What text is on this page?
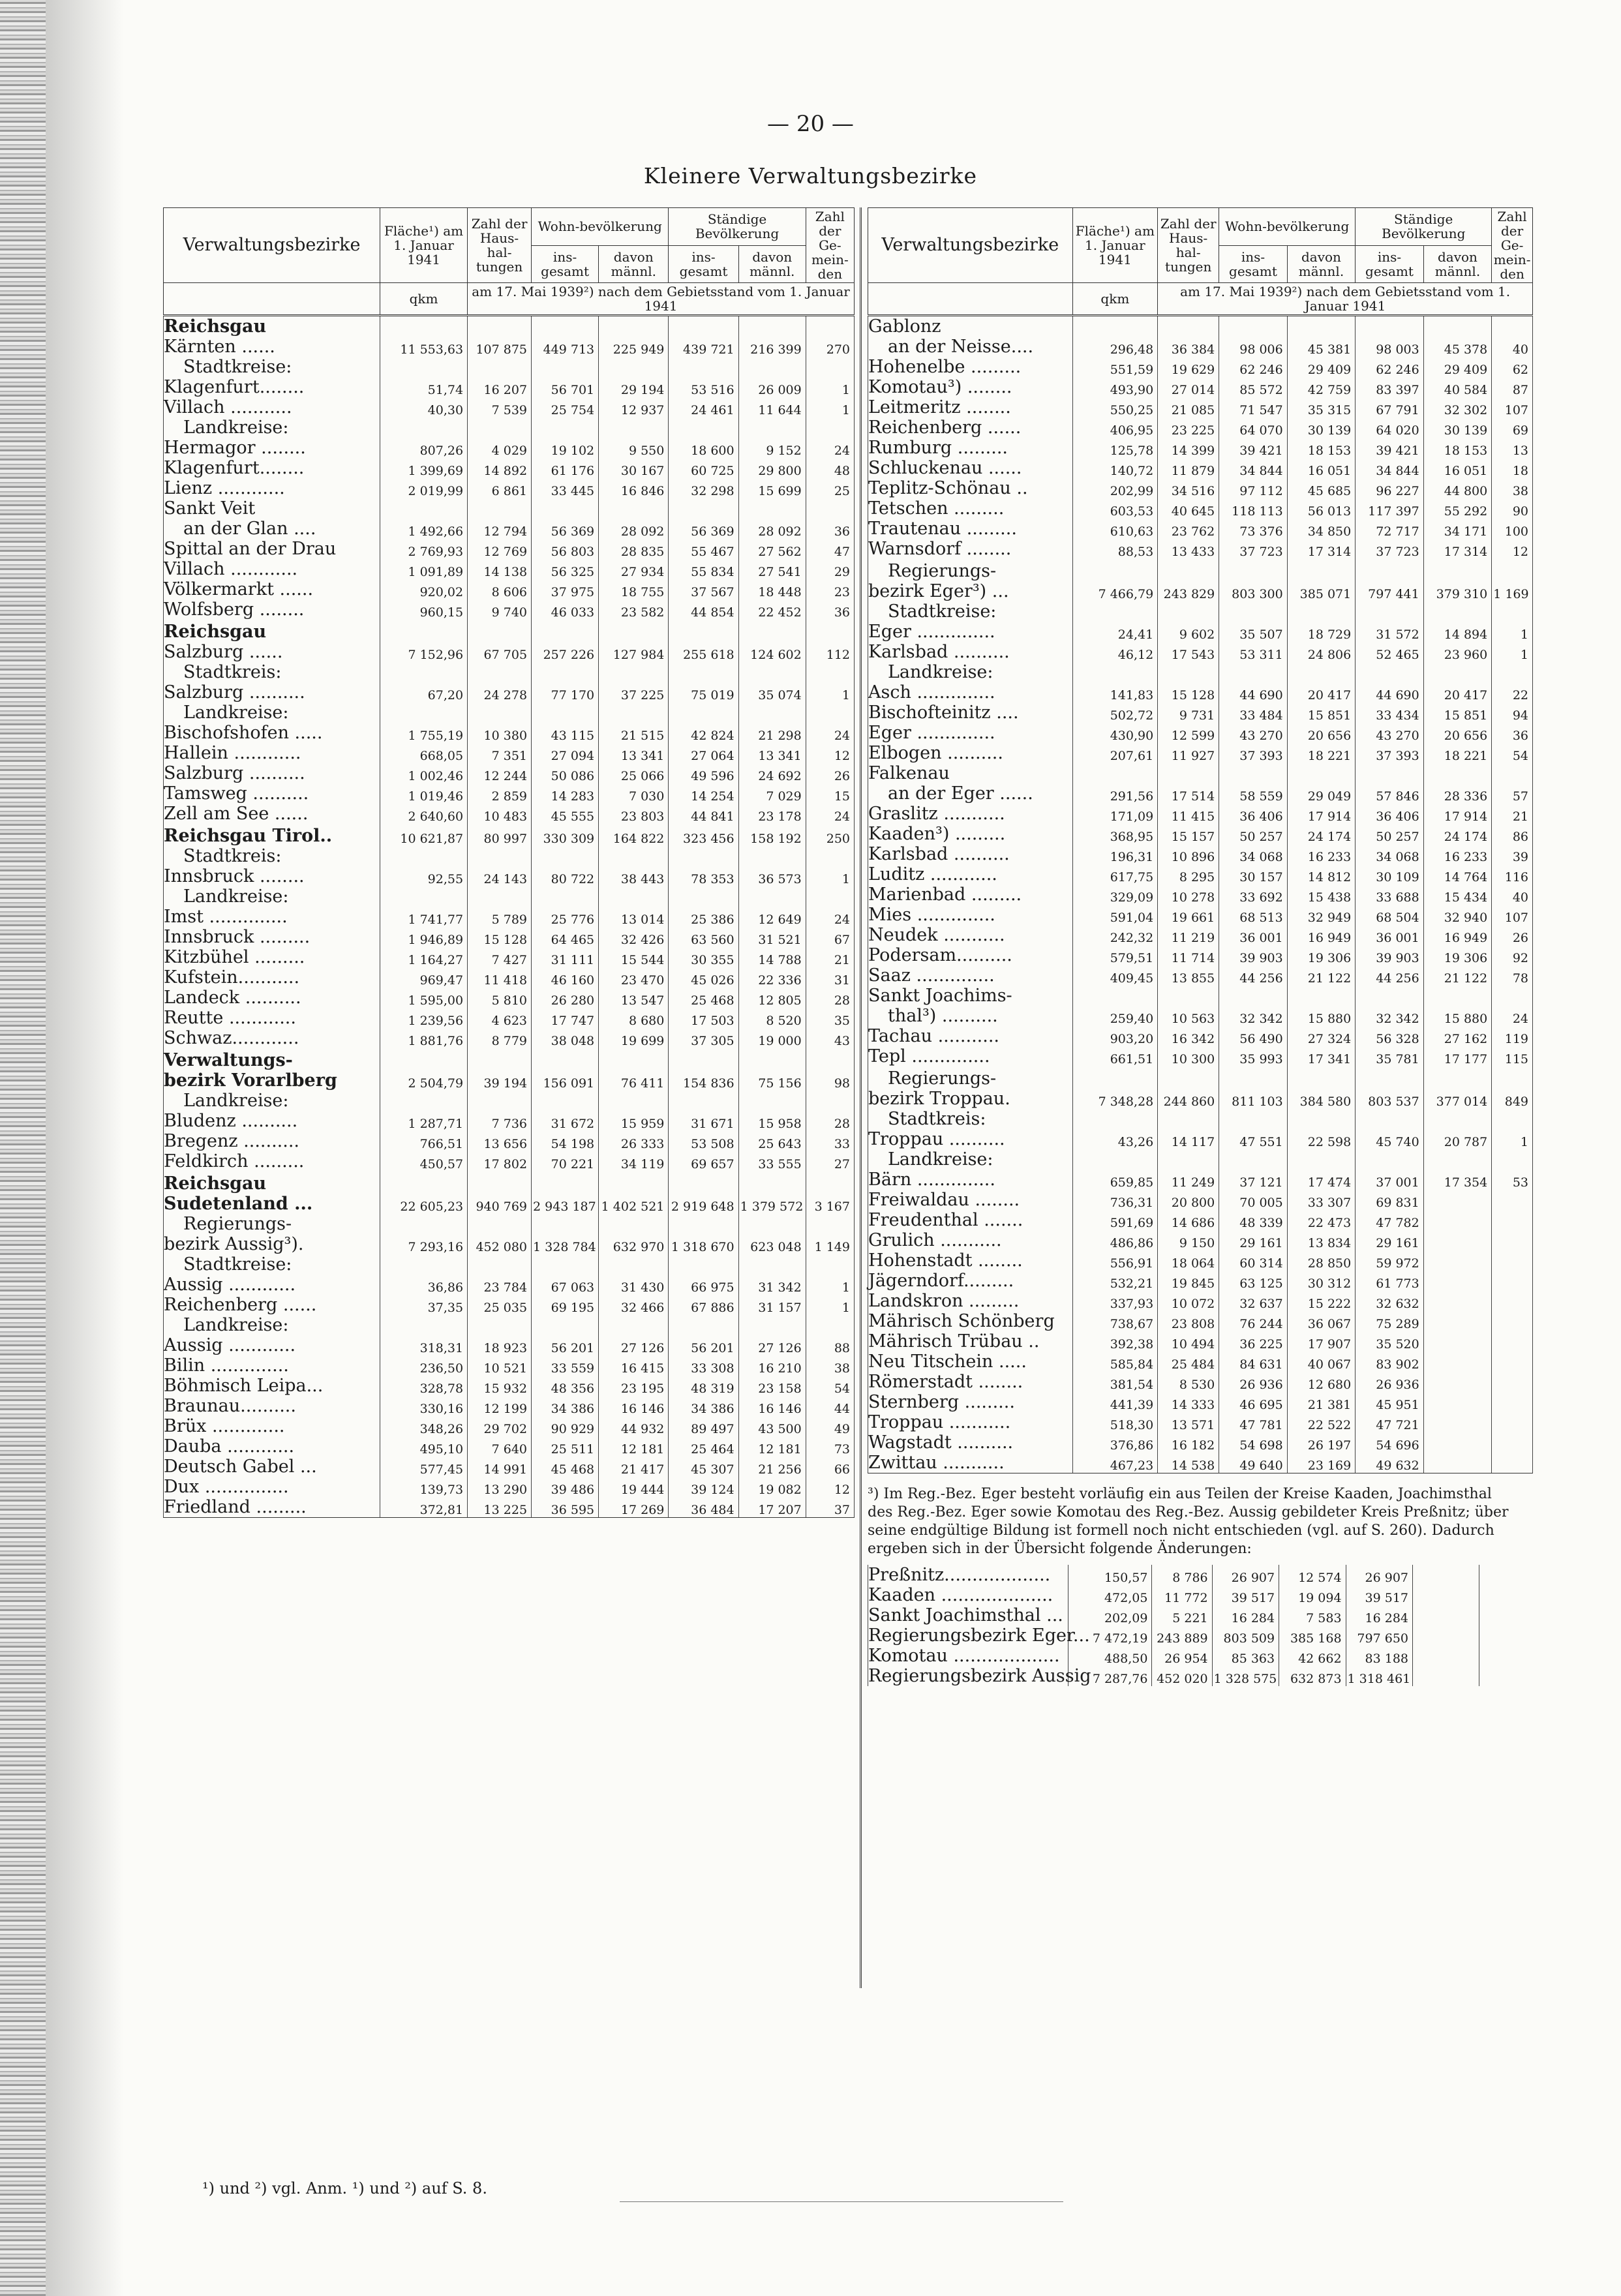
— 20 —
Kleinere Verwaltungsbezirke
Verwaltungsbezirke	Fläche¹) am 1. Januar 1941	Zahl der Haus-hal-tungen	Wohn-bevölkerung		Ständige Bevölkerung		Zahl der Ge-mein-den
			ins-gesamt	davon männl.	ins-gesamt	davon männl.	
	qkm	am 17. Mai 1939²) nach dem Gebietsstand vom 1. Januar 1941					
Reichsgau							
Kärnten ......	11 553,63	107 875	449 713	225 949	439 721	216 399	270
Stadtkreise:							
Klagenfurt........	51,74	16 207	56 701	29 194	53 516	26 009	1
Villach ...........	40,30	7 539	25 754	12 937	24 461	11 644	1
Landkreise:							
Hermagor ........	807,26	4 029	19 102	9 550	18 600	9 152	24
Klagenfurt........	1 399,69	14 892	61 176	30 167	60 725	29 800	48
Lienz ............	2 019,99	6 861	33 445	16 846	32 298	15 699	25
Sankt Veit							
an der Glan ....	1 492,66	12 794	56 369	28 092	56 369	28 092	36
Spittal an der Drau	2 769,93	12 769	56 803	28 835	55 467	27 562	47
Villach ............	1 091,89	14 138	56 325	27 934	55 834	27 541	29
Völkermarkt ......	920,02	8 606	37 975	18 755	37 567	18 448	23
Wolfsberg ........	960,15	9 740	46 033	23 582	44 854	22 452	36
Reichsgau							
Salzburg ......	7 152,96	67 705	257 226	127 984	255 618	124 602	112
Stadtkreis:							
Salzburg ..........	67,20	24 278	77 170	37 225	75 019	35 074	1
Landkreise:							
Bischofshofen .....	1 755,19	10 380	43 115	21 515	42 824	21 298	24
Hallein ............	668,05	7 351	27 094	13 341	27 064	13 341	12
Salzburg ..........	1 002,46	12 244	50 086	25 066	49 596	24 692	26
Tamsweg ..........	1 019,46	2 859	14 283	7 030	14 254	7 029	15
Zell am See ......	2 640,60	10 483	45 555	23 803	44 841	23 178	24
Reichsgau Tirol..	10 621,87	80 997	330 309	164 822	323 456	158 192	250
Stadtkreis:							
Innsbruck ........	92,55	24 143	80 722	38 443	78 353	36 573	1
Landkreise:							
Imst ..............	1 741,77	5 789	25 776	13 014	25 386	12 649	24
Innsbruck .........	1 946,89	15 128	64 465	32 426	63 560	31 521	67
Kitzbühel .........	1 164,27	7 427	31 111	15 544	30 355	14 788	21
Kufstein...........	969,47	11 418	46 160	23 470	45 026	22 336	31
Landeck ..........	1 595,00	5 810	26 280	13 547	25 468	12 805	28
Reutte ............	1 239,56	4 623	17 747	8 680	17 503	8 520	35
Schwaz............	1 881,76	8 779	38 048	19 699	37 305	19 000	43
Verwaltungs-							
bezirk Vorarlberg	2 504,79	39 194	156 091	76 411	154 836	75 156	98
Landkreise:							
Bludenz ..........	1 287,71	7 736	31 672	15 959	31 671	15 958	28
Bregenz ..........	766,51	13 656	54 198	26 333	53 508	25 643	33
Feldkirch .........	450,57	17 802	70 221	34 119	69 657	33 555	27
Reichsgau							
Sudetenland ...	22 605,23	940 769	2 943 187	1 402 521	2 919 648	1 379 572	3 167
Regierungs-							
bezirk Aussig³).	7 293,16	452 080	1 328 784	632 970	1 318 670	623 048	1 149
Stadtkreise:							
Aussig ............	36,86	23 784	67 063	31 430	66 975	31 342	1
Reichenberg ......	37,35	25 035	69 195	32 466	67 886	31 157	1
Landkreise:							
Aussig ............	318,31	18 923	56 201	27 126	56 201	27 126	88
Bilin ..............	236,50	10 521	33 559	16 415	33 308	16 210	38
Böhmisch Leipa...	328,78	15 932	48 356	23 195	48 319	23 158	54
Braunau..........	330,16	12 199	34 386	16 146	34 386	16 146	44
Brüx .............	348,26	29 702	90 929	44 932	89 497	43 500	49
Dauba ............	495,10	7 640	25 511	12 181	25 464	12 181	73
Deutsch Gabel ...	577,45	14 991	45 468	21 417	45 307	21 256	66
Dux ...............	139,73	13 290	39 486	19 444	39 124	19 082	12
Friedland .........	372,81	13 225	36 595	17 269	36 484	17 207	37
Verwaltungsbezirke	Fläche¹) am 1. Januar 1941	Zahl der Haus-hal-tungen	Wohn-bevölkerung		Ständige Bevölkerung		Zahl der Ge-mein-den
			ins-gesamt	davon männl.	ins-gesamt	davon männl.	
	qkm	am 17. Mai 1939²) nach dem Gebietsstand vom 1. Januar 1941					
Gablonz							
an der Neisse....	296,48	36 384	98 006	45 381	98 003	45 378	40
Hohenelbe .........	551,59	19 629	62 246	29 409	62 246	29 409	62
Komotau³) ........	493,90	27 014	85 572	42 759	83 397	40 584	87
Leitmeritz ........	550,25	21 085	71 547	35 315	67 791	32 302	107
Reichenberg ......	406,95	23 225	64 070	30 139	64 020	30 139	69
Rumburg .........	125,78	14 399	39 421	18 153	39 421	18 153	13
Schluckenau ......	140,72	11 879	34 844	16 051	34 844	16 051	18
Teplitz-Schönau ..	202,99	34 516	97 112	45 685	96 227	44 800	38
Tetschen .........	603,53	40 645	118 113	56 013	117 397	55 292	90
Trautenau .........	610,63	23 762	73 376	34 850	72 717	34 171	100
Warnsdorf ........	88,53	13 433	37 723	17 314	37 723	17 314	12
Regierungs-							
bezirk Eger³) ...	7 466,79	243 829	803 300	385 071	797 441	379 310	1 169
Stadtkreise:							
Eger ..............	24,41	9 602	35 507	18 729	31 572	14 894	1
Karlsbad ..........	46,12	17 543	53 311	24 806	52 465	23 960	1
Landkreise:							
Asch ..............	141,83	15 128	44 690	20 417	44 690	20 417	22
Bischofteinitz ....	502,72	9 731	33 484	15 851	33 434	15 851	94
Eger ..............	430,90	12 599	43 270	20 656	43 270	20 656	36
Elbogen ..........	207,61	11 927	37 393	18 221	37 393	18 221	54
Falkenau							
an der Eger ......	291,56	17 514	58 559	29 049	57 846	28 336	57
Graslitz ...........	171,09	11 415	36 406	17 914	36 406	17 914	21
Kaaden³) .........	368,95	15 157	50 257	24 174	50 257	24 174	86
Karlsbad ..........	196,31	10 896	34 068	16 233	34 068	16 233	39
Luditz ............	617,75	8 295	30 157	14 812	30 109	14 764	116
Marienbad .........	329,09	10 278	33 692	15 438	33 688	15 434	40
Mies ..............	591,04	19 661	68 513	32 949	68 504	32 940	107
Neudek ...........	242,32	11 219	36 001	16 949	36 001	16 949	26
Podersam..........	579,51	11 714	39 903	19 306	39 903	19 306	92
Saaz ..............	409,45	13 855	44 256	21 122	44 256	21 122	78
Sankt Joachims-							
thal³) ..........	259,40	10 563	32 342	15 880	32 342	15 880	24
Tachau ...........	903,20	16 342	56 490	27 324	56 328	27 162	119
Tepl ..............	661,51	10 300	35 993	17 341	35 781	17 177	115
Regierungs-							
bezirk Troppau.	7 348,28	244 860	811 103	384 580	803 537	377 014	849
Stadtkreis:							
Troppau ..........	43,26	14 117	47 551	22 598	45 740	20 787	1
Landkreise:							
Bärn ..............	659,85	11 249	37 121	17 474	37 001	17 354	53
Freiwaldau ........	736,31	20 800	70 005	33 307	69 831		
Freudenthal .......	591,69	14 686	48 339	22 473	47 782		
Grulich ...........	486,86	9 150	29 161	13 834	29 161		
Hohenstadt ........	556,91	18 064	60 314	28 850	59 972		
Jägerndorf.........	532,21	19 845	63 125	30 312	61 773		
Landskron .........	337,93	10 072	32 637	15 222	32 632		
Mährisch Schönberg	738,67	23 808	76 244	36 067	75 289		
Mährisch Trübau ..	392,38	10 494	36 225	17 907	35 520		
Neu Titschein .....	585,84	25 484	84 631	40 067	83 902		
Römerstadt ........	381,54	8 530	26 936	12 680	26 936		
Sternberg .........	441,39	14 333	46 695	21 381	45 951		
Troppau ...........	518,30	13 571	47 781	22 522	47 721		
Wagstadt ..........	376,86	16 182	54 698	26 197	54 696		
Zwittau ...........	467,23	14 538	49 640	23 169	49 632		
³) Im Reg.-Bez. Eger besteht vorläufig ein aus Teilen der Kreise Kaaden, Joachimsthal des Reg.-Bez. Eger sowie Komotau des Reg.-Bez. Aussig gebildeter Kreis Preßnitz; über seine endgültige Bildung ist formell noch nicht entschieden (vgl. auf S. 260). Dadurch ergeben sich in der Übersicht folgende Änderungen:
Preßnitz...................	150,57	8 786	26 907	12 574	26 907	
Kaaden ....................	472,05	11 772	39 517	19 094	39 517	
Sankt Joachimsthal ...	202,09	5 221	16 284	7 583	16 284	
Regierungsbezirk Eger...	7 472,19	243 889	803 509	385 168	797 650	
Komotau ...................	488,50	26 954	85 363	42 662	83 188	
Regierungsbezirk Aussig	7 287,76	452 020	1 328 575	632 873	1 318 461	
¹) und ²) vgl. Anm. ¹) und ²) auf S. 8.
